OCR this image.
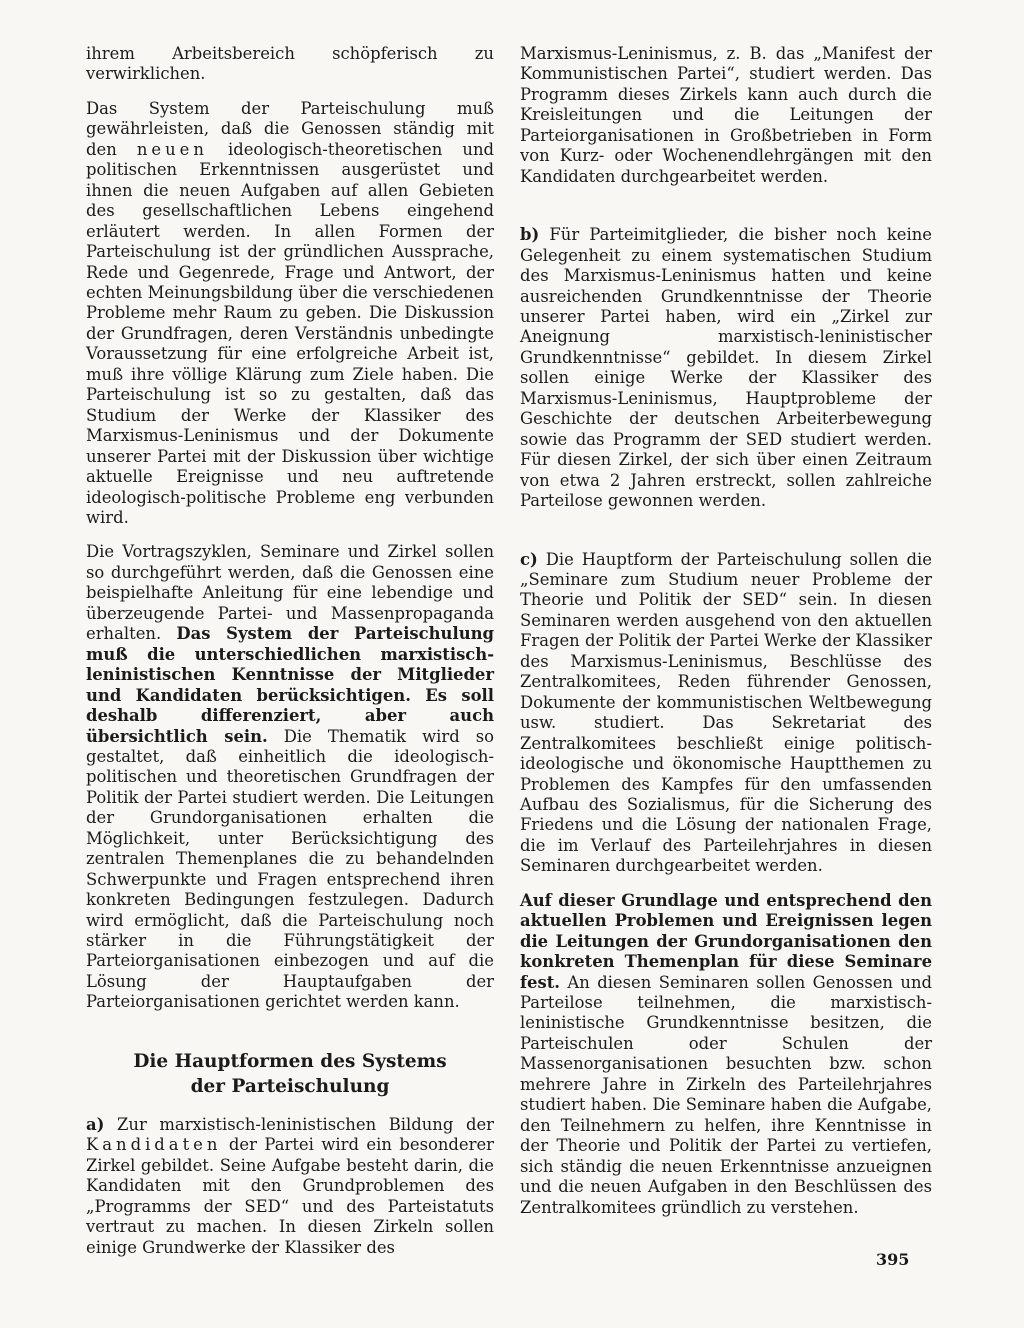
ihrem Arbeitsbereich schöpferisch zu verwirklichen.

Das System der Parteischulung muß gewährleisten, daß die Genossen ständig mit den neuen ideologisch-theoretischen und politischen Erkenntnissen ausgerüstet und ihnen die neuen Aufgaben auf allen Gebieten des gesellschaftlichen Lebens eingehend erläutert werden. In allen Formen der Parteischulung ist der gründlichen Aussprache, Rede und Gegenrede, Frage und Antwort, der echten Meinungsbildung über die verschiedenen Probleme mehr Raum zu geben. Die Diskussion der Grundfragen, deren Verständnis unbedingte Voraussetzung für eine erfolgreiche Arbeit ist, muß ihre völlige Klärung zum Ziele haben. Die Parteischulung ist so zu gestalten, daß das Studium der Werke der Klassiker des Marxismus-Leninismus und der Dokumente unserer Partei mit der Diskussion über wichtige aktuelle Ereignisse und neu auftretende ideologisch-politische Probleme eng verbunden wird.

Die Vortragszyklen, Seminare und Zirkel sollen so durchgeführt werden, daß die Genossen eine beispielhafte Anleitung für eine lebendige und überzeugende Partei- und Massenpropaganda erhalten. Das System der Parteischulung muß die unterschiedlichen marxistisch-leninistischen Kenntnisse der Mitglieder und Kandidaten berücksichtigen. Es soll deshalb differenziert, aber auch übersichtlich sein. Die Thematik wird so gestaltet, daß einheitlich die ideologisch-politischen und theoretischen Grundfragen der Politik der Partei studiert werden. Die Leitungen der Grundorganisationen erhalten die Möglichkeit, unter Berücksichtigung des zentralen Themenplanes die zu behandelnden Schwerpunkte und Fragen entsprechend ihren konkreten Bedingungen festzulegen. Dadurch wird ermöglicht, daß die Parteischulung noch stärker in die Führungstätigkeit der Parteiorganisationen einbezogen und auf die Lösung der Hauptaufgaben der Parteiorganisationen gerichtet werden kann.

Die Hauptformen des Systems
der Parteischulung

a) Zur marxistisch-leninistischen Bildung der Kandidaten der Partei wird ein besonderer Zirkel gebildet. Seine Aufgabe besteht darin, die Kandidaten mit den Grundproblemen des „Programms der SED“ und des Parteistatuts vertraut zu machen. In diesen Zirkeln sollen einige Grundwerke der Klassiker des

Marxismus-Leninismus, z. B. das „Manifest der Kommunistischen Partei“, studiert werden. Das Programm dieses Zirkels kann auch durch die Kreisleitungen und die Leitungen der Parteiorganisationen in Großbetrieben in Form von Kurz- oder Wochenendlehrgängen mit den Kandidaten durchgearbeitet werden.

b) Für Parteimitglieder, die bisher noch keine Gelegenheit zu einem systematischen Studium des Marxismus-Leninismus hatten und keine ausreichenden Grundkenntnisse der Theorie unserer Partei haben, wird ein „Zirkel zur Aneignung marxistisch-leninistischer Grundkenntnisse“ gebildet. In diesem Zirkel sollen einige Werke der Klassiker des Marxismus-Leninismus, Hauptprobleme der Geschichte der deutschen Arbeiterbewegung sowie das Programm der SED studiert werden. Für diesen Zirkel, der sich über einen Zeitraum von etwa 2 Jahren erstreckt, sollen zahlreiche Parteilose gewonnen werden.

c) Die Hauptform der Parteischulung sollen die „Seminare zum Studium neuer Probleme der Theorie und Politik der SED“ sein. In diesen Seminaren werden ausgehend von den aktuellen Fragen der Politik der Partei Werke der Klassiker des Marxismus-Leninismus, Beschlüsse des Zentralkomitees, Reden führender Genossen, Dokumente der kommunistischen Weltbewegung usw. studiert. Das Sekretariat des Zentralkomitees beschließt einige politisch-ideologische und ökonomische Hauptthemen zu Problemen des Kampfes für den umfassenden Aufbau des Sozialismus, für die Sicherung des Friedens und die Lösung der nationalen Frage, die im Verlauf des Parteilehrjahres in diesen Seminaren durchgearbeitet werden.

Auf dieser Grundlage und entsprechend den aktuellen Problemen und Ereignissen legen die Leitungen der Grundorganisationen den konkreten Themenplan für diese Seminare fest. An diesen Seminaren sollen Genossen und Parteilose teilnehmen, die marxistisch-leninistische Grundkenntnisse besitzen, die Parteischulen oder Schulen der Massenorganisationen besuchten bzw. schon mehrere Jahre in Zirkeln des Parteilehrjahres studiert haben. Die Seminare haben die Aufgabe, den Teilnehmern zu helfen, ihre Kenntnisse in der Theorie und Politik der Partei zu vertiefen, sich ständig die neuen Erkenntnisse anzueignen und die neuen Aufgaben in den Beschlüssen des Zentralkomitees gründlich zu verstehen.

395
